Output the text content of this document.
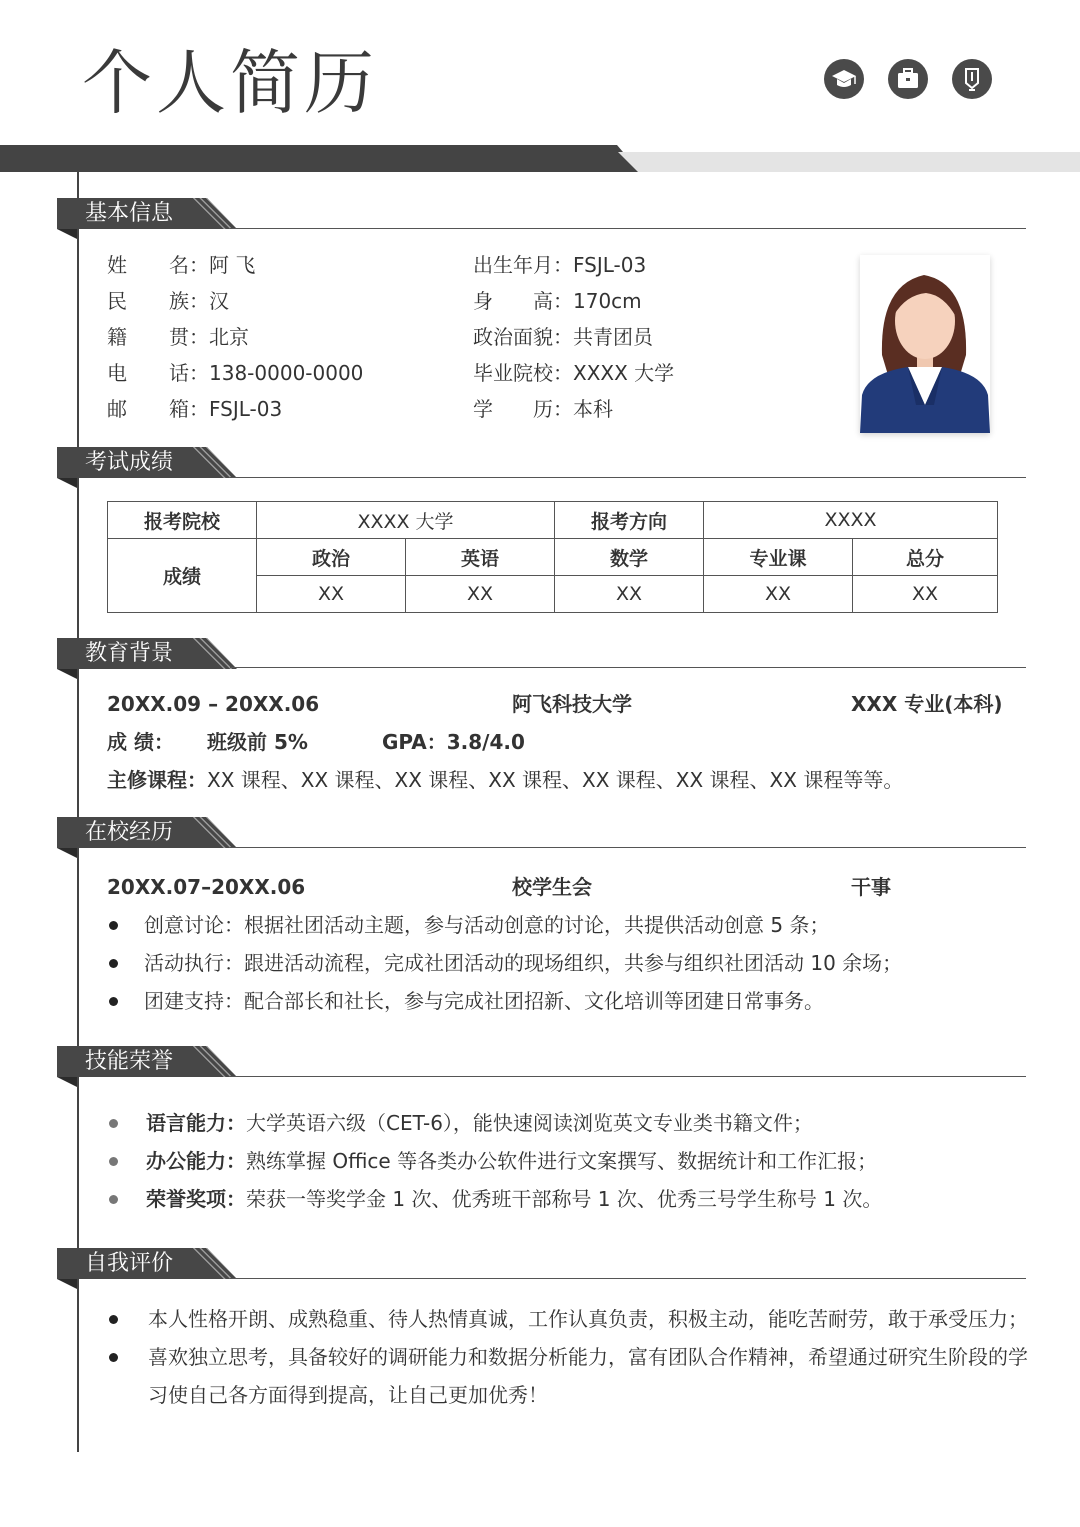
个人简历
基本信息
姓 名：阿 飞
民 族：汉
籍 贯：北京
电 话：138-0000-0000
邮 箱：FSJL-03
出生年月：FSJL-03
身 高：170cm
政治面貌：共青团员
毕业院校：XXXX 大学
学 历：本科
考试成绩
报考院校	XXXX 大学		报考方向	XXXX	
成绩	政治	英语	数学	专业课	总分
	XX	XX	XX	XX	XX
教育背景
20XX.09 – 20XX.06	阿飞科技大学	XXX 专业(本科)
成 绩： 班级前 5%	GPA：3.8/4.0
主修课程：XX 课程、XX 课程、XX 课程、XX 课程、XX 课程、XX 课程、XX 课程等等。
在校经历
20XX.07–20XX.06	校学生会	干事
创意讨论：根据社团活动主题，参与活动创意的讨论，共提供活动创意 5 条；
活动执行：跟进活动流程，完成社团活动的现场组织，共参与组织社团活动 10 余场；
团建支持：配合部长和社长，参与完成社团招新、文化培训等团建日常事务。
技能荣誉
语言能力：大学英语六级（CET-6），能快速阅读浏览英文专业类书籍文件；
办公能力：熟练掌握 Office 等各类办公软件进行文案撰写、数据统计和工作汇报；
荣誉奖项：荣获一等奖学金 1 次、优秀班干部称号 1 次、优秀三号学生称号 1 次。
自我评价
本人性格开朗、成熟稳重、待人热情真诚，工作认真负责，积极主动，能吃苦耐劳，敢于承受压力；
喜欢独立思考，具备较好的调研能力和数据分析能力，富有团队合作精神，希望通过研究生阶段的学
习使自己各方面得到提高，让自己更加优秀！
